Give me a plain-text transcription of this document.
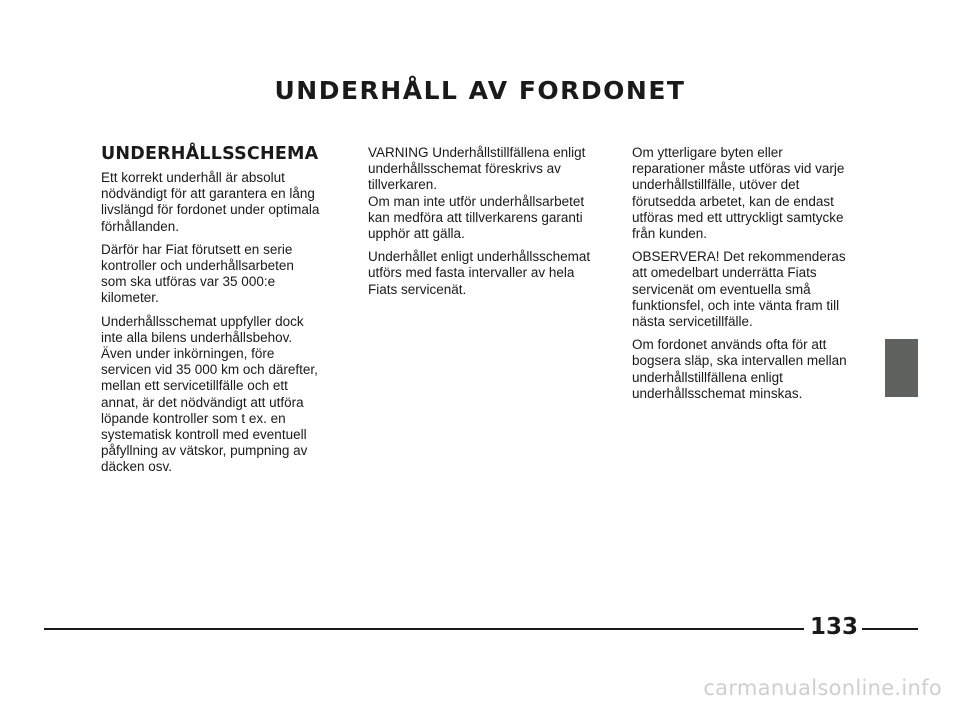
UNDERHÅLL AV FORDONET
UNDERHÅLLSSCHEMA

Ett korrekt underhåll är absolut
nödvändigt för att garantera en lång
livslängd för fordonet under optimala
förhållanden.

Därför har Fiat förutsett en serie
kontroller och underhållsarbeten
som ska utföras var 35 000:e
kilometer.

Underhållsschemat uppfyller dock
inte alla bilens underhållsbehov.
Även under inkörningen, före
servicen vid 35 000 km och därefter,
mellan ett servicetillfälle och ett
annat, är det nödvändigt att utföra
löpande kontroller som t ex. en
systematisk kontroll med eventuell
påfyllning av vätskor, pumpning av
däcken osv.

VARNING Underhållstillfällena enligt
underhållsschemat föreskrivs av
tillverkaren.
Om man inte utför underhållsarbetet
kan medföra att tillverkarens garanti
upphör att gälla.

Underhållet enligt underhållsschemat
utförs med fasta intervaller av hela
Fiats servicenät.

Om ytterligare byten eller
reparationer måste utföras vid varje
underhållstillfälle, utöver det
förutsedda arbetet, kan de endast
utföras med ett uttryckligt samtycke
från kunden.

OBSERVERA! Det rekommenderas
att omedelbart underrätta Fiats
servicenät om eventuella små
funktionsfel, och inte vänta fram till
nästa servicetillfälle.

Om fordonet används ofta för att
bogsera släp, ska intervallen mellan
underhållstillfällena enligt
underhållsschemat minskas.

133
carmanualsonline.info
